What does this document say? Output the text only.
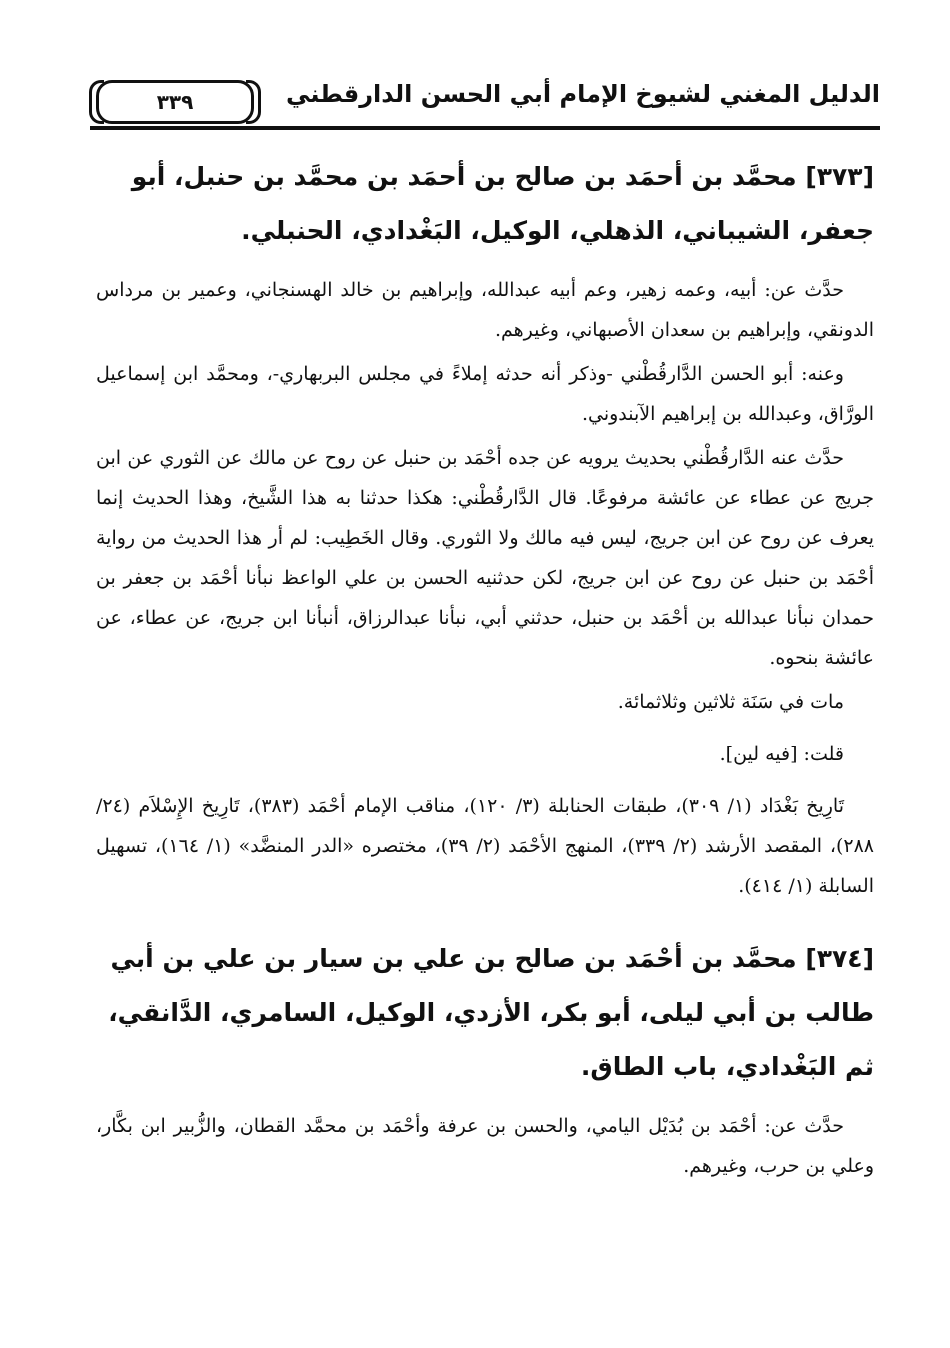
٣٣٩	الدليل المغني لشيوخ الإمام أبي الحسن الدارقطني
[٣٧٣] محمَّد بن أحمَد بن صالح بن أحمَد بن محمَّد بن حنبل، أبو جعفر، الشيباني، الذهلي، الوكيل، البَغْدادي، الحنبلي.

حدَّث عن: أبيه، وعمه زهير، وعم أبيه عبدالله، وإبراهيم بن خالد الهسنجاني، وعمير بن مرداس الدونقي، وإبراهيم بن سعدان الأصبهاني، وغيرهم.

وعنه: أبو الحسن الدَّارقُطْني -وذكر أنه حدثه إملاءً في مجلس البربهاري-، ومحمَّد ابن إسماعيل الورَّاق، وعبدالله بن إبراهيم الآبندوني.

حدَّث عنه الدَّارقُطْني بحديث يرويه عن جده أحْمَد بن حنبل عن روح عن مالك عن الثوري عن ابن جريج عن عطاء عن عائشة مرفوعًا. قال الدَّارقُطْني: هكذا حدثنا به هذا الشَّيخ، وهذا الحديث إنما يعرف عن روح عن ابن جريج، ليس فيه مالك ولا الثوري. وقال الخَطِيب: لم أر هذا الحديث من رواية أحْمَد بن حنبل عن روح عن ابن جريج، لكن حدثنيه الحسن بن علي الواعظ نبأنا أحْمَد بن جعفر بن حمدان نبأنا عبدالله بن أحْمَد بن حنبل، حدثني أبي، نبأنا عبدالرزاق، أنبأنا ابن جريج، عن عطاء، عن عائشة بنحوه.

مات في سَنَة ثلاثين وثلاثمائة.

قلت: [فيه لين].

تَارِيخ بَغْدَاد (١/ ٣٠٩)، طبقات الحنابلة (٣/ ١٢٠)، مناقب الإمام أحْمَد (٣٨٣)، تَارِيخ الإِسْلاَم (٢٤/ ٢٨٨)، المقصد الأرشد (٢/ ٣٣٩)، المنهج الأحْمَد (٢/ ٣٩)، مختصره «الدر المنضَّد» (١/ ١٦٤)، تسهيل السابلة (١/ ٤١٤).

[٣٧٤] محمَّد بن أحْمَد بن صالح بن علي بن سيار بن علي بن أبي طالب بن أبي ليلى، أبو بكر، الأزدي، الوكيل، السامري، الدَّانقي، ثم البَغْدادي، باب الطاق.

حدَّث عن: أحْمَد بن بُدَيْل اليامي، والحسن بن عرفة وأحْمَد بن محمَّد القطان، والزُّبير ابن بكَّار، وعلي بن حرب، وغيرهم.
